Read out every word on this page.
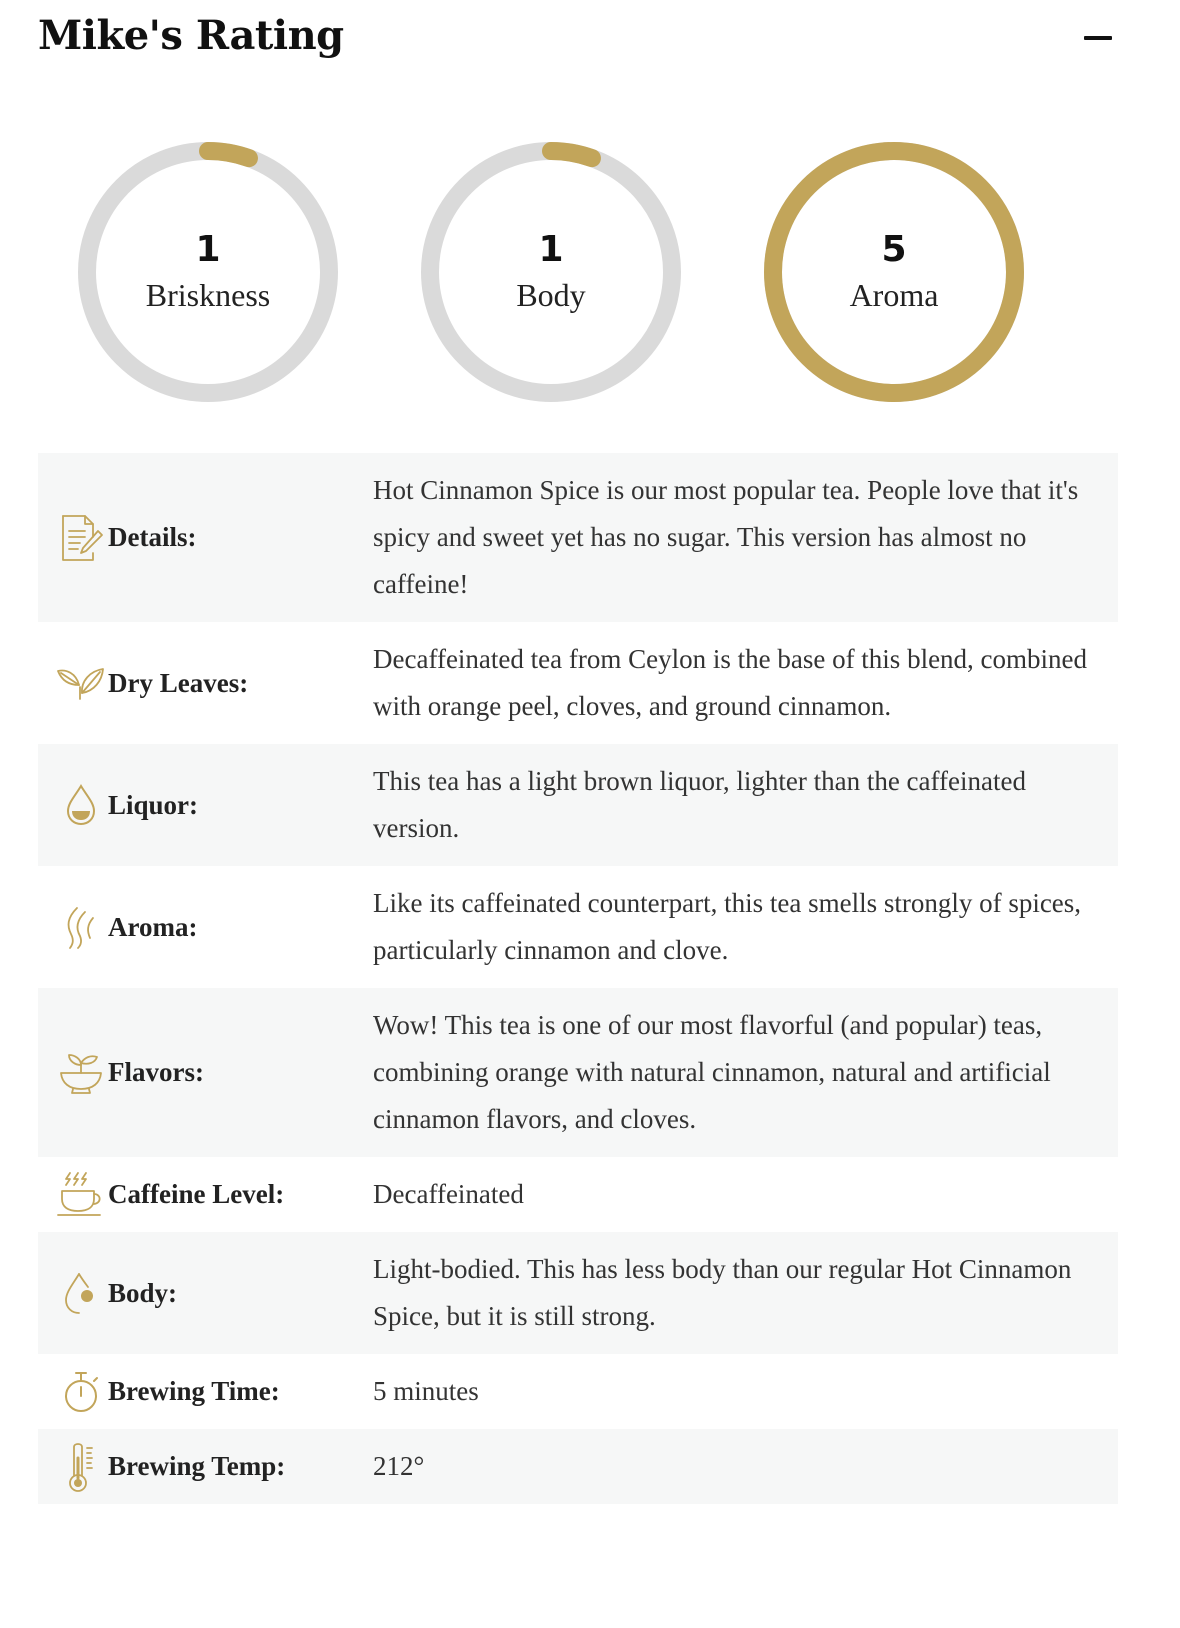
Mike's Rating
1
Briskness
1
Body
5
Aroma
Details:
Hot Cinnamon Spice is our most popular tea. People love that it's spicy and sweet yet has no sugar. This version has almost no caffeine!
Dry Leaves:
Decaffeinated tea from Ceylon is the base of this blend, combined with orange peel, cloves, and ground cinnamon.
Liquor:
This tea has a light brown liquor, lighter than the caffeinated version.
Aroma:
Like its caffeinated counterpart, this tea smells strongly of spices, particularly cinnamon and clove.
Flavors:
Wow! This tea is one of our most flavorful (and popular) teas, combining orange with natural cinnamon, natural and artificial cinnamon flavors, and cloves.
Caffeine Level:	Decaffeinated
Body:
Light-bodied. This has less body than our regular Hot Cinnamon Spice, but it is still strong.
Brewing Time:	5 minutes
Brewing Temp:	212°
